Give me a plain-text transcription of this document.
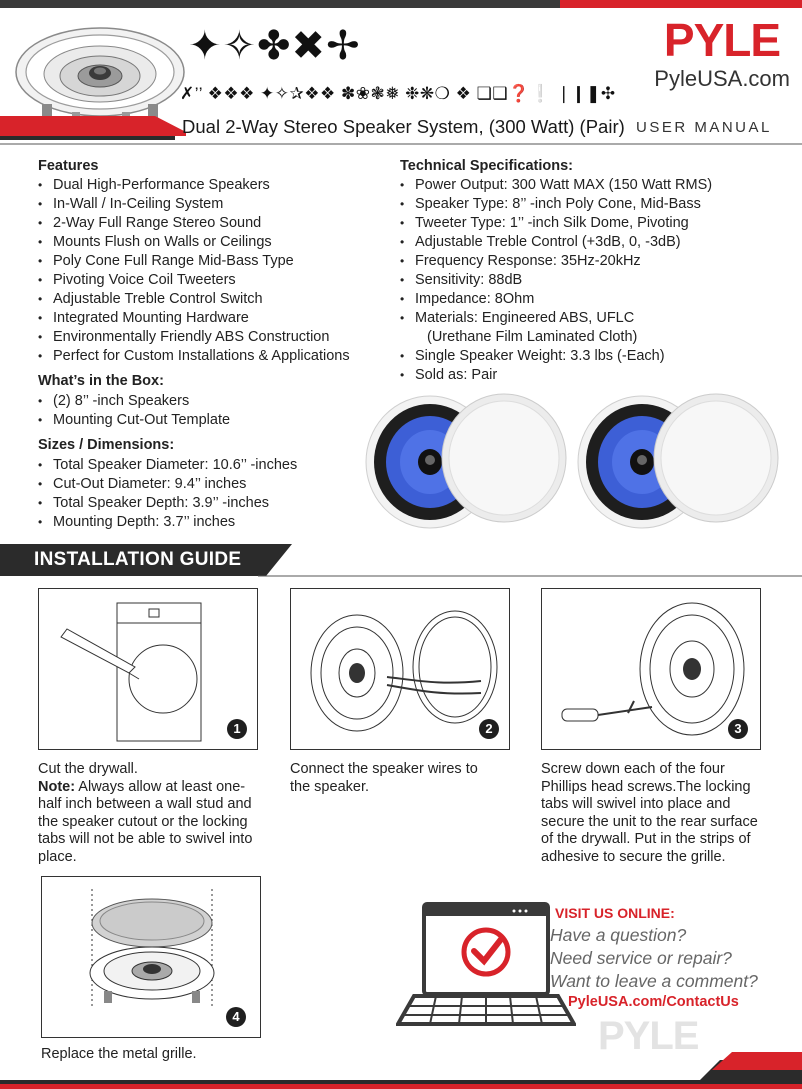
✦✧✤✖✢
✗’’ ❖❖❖ ✦✧✰❖❖ ✽❀❃❅ ❉❋❍ ❖ ❏❑❓❕ ❘❙❚✣
PYLE
PyleUSA.com
Dual 2-Way Stereo Speaker System, (300 Watt) (Pair) USER MANUAL
Features
• Dual High-Performance Speakers
• In-Wall / In-Ceiling System
• 2-Way Full Range Stereo Sound
• Mounts Flush on Walls or Ceilings
• Poly Cone Full Range Mid-Bass Type
• Pivoting Voice Coil Tweeters
• Adjustable Treble Control Switch
• Integrated Mounting Hardware
• Environmentally Friendly ABS Construction
• Perfect for Custom Installations & Applications
What’s in the Box:
• (2) 8’’ -inch Speakers
• Mounting Cut-Out Template
Sizes / Dimensions:
• Total Speaker Diameter: 10.6’’ -inches
• Cut-Out Diameter: 9.4’’ inches
• Total Speaker Depth: 3.9’’ -inches
• Mounting Depth: 3.7’’ inches
Technical Specifications:
• Power Output: 300 Watt MAX (150 Watt RMS)
• Speaker Type: 8’’ -inch Poly Cone, Mid-Bass
• Tweeter Type: 1’’ -inch Silk Dome, Pivoting
• Adjustable Treble Control (+3dB, 0, -3dB)
• Frequency Response: 35Hz-20kHz
• Sensitivity: 88dB
• Impedance: 8Ohm
• Materials: Engineered ABS, UFLC
(Urethane Film Laminated Cloth)
• Single Speaker Weight: 3.3 lbs (-Each)
• Sold as: Pair
INSTALLATION GUIDE
1
Cut the drywall.
Note: Always allow at least one-half inch between a wall stud and the speaker cutout or the locking tabs will not be able to swivel into place.
2
Connect the speaker wires to the speaker.
3
Screw down each of the four Phillips head screws.The locking tabs will swivel into place and secure the unit to the rear surface of the drywall. Put in the strips of adhesive to secure the grille.
4
Replace the metal grille.
VISIT US ONLINE:
Have a question?
Need service or repair?
Want to leave a comment?
PyleUSA.com/ContactUs
PYLE
